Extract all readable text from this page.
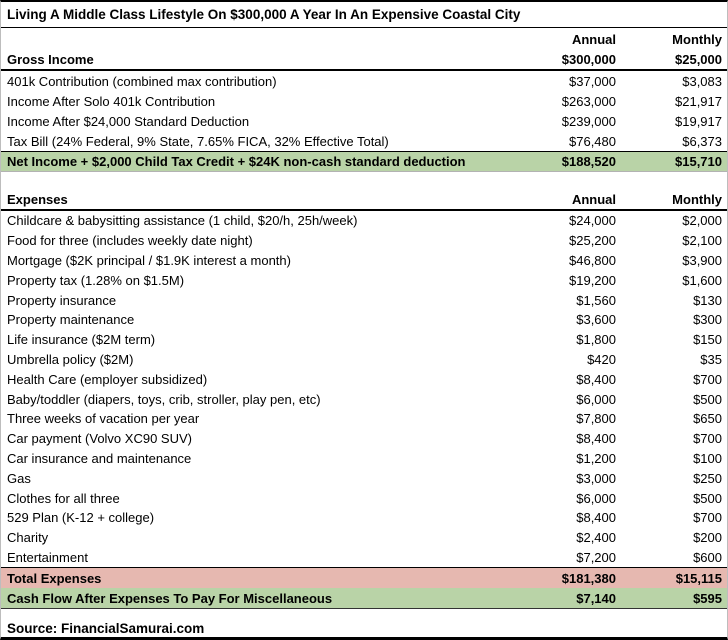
Living A Middle Class Lifestyle On $300,000 A Year In An Expensive Coastal City
Annual	Monthly
Gross Income	$300,000	$25,000
401k Contribution (combined max contribution)	$37,000	$3,083
Income After Solo 401k Contribution	$263,000	$21,917
Income After $24,000 Standard Deduction	$239,000	$19,917
Tax Bill (24% Federal, 9% State, 7.65% FICA, 32% Effective Total)	$76,480	$6,373
Net Income + $2,000 Child Tax Credit + $24K non-cash standard deduction	$188,520	$15,710
Expenses	Annual	Monthly
Childcare & babysitting assistance (1 child, $20/h, 25h/week)	$24,000	$2,000
Food for three (includes weekly date night)	$25,200	$2,100
Mortgage ($2K principal / $1.9K interest a month)	$46,800	$3,900
Property tax (1.28% on $1.5M)	$19,200	$1,600
Property insurance	$1,560	$130
Property maintenance	$3,600	$300
Life insurance ($2M term)	$1,800	$150
Umbrella policy ($2M)	$420	$35
Health Care (employer subsidized)	$8,400	$700
Baby/toddler (diapers, toys, crib, stroller, play pen, etc)	$6,000	$500
Three weeks of vacation per year	$7,800	$650
Car payment (Volvo XC90 SUV)	$8,400	$700
Car insurance and maintenance	$1,200	$100
Gas	$3,000	$250
Clothes for all three	$6,000	$500
529 Plan (K-12 + college)	$8,400	$700
Charity	$2,400	$200
Entertainment	$7,200	$600
Total Expenses	$181,380	$15,115
Cash Flow After Expenses To Pay For Miscellaneous	$7,140	$595
Source: FinancialSamurai.com
